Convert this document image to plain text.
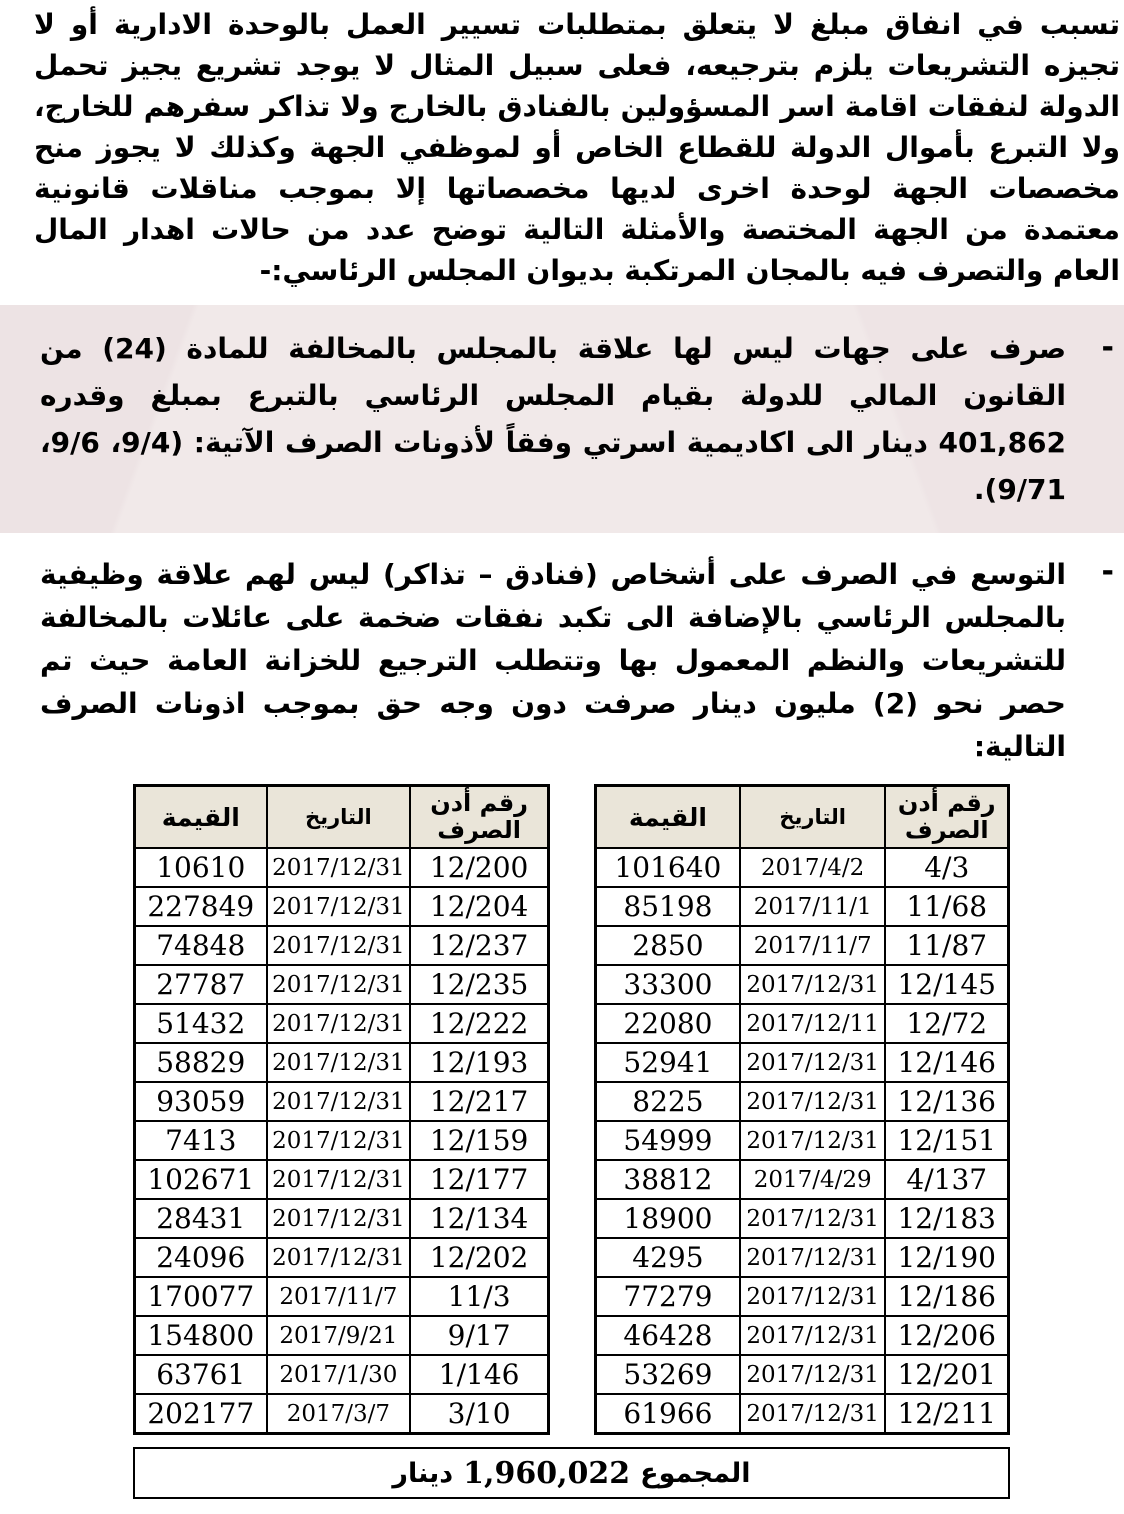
تسبب في انفاق مبلغ لا يتعلق بمتطلبات تسيير العمل بالوحدة الادارية أو لا تجيزه التشريعات يلزم بترجيعه، فعلى سبيل المثال لا يوجد تشريع يجيز تحمل الدولة لنفقات اقامة اسر المسؤولين بالفنادق بالخارج ولا تذاكر سفرهم للخارج، ولا التبرع بأموال الدولة للقطاع الخاص أو لموظفي الجهة وكذلك لا يجوز منح مخصصات الجهة لوحدة اخرى لديها مخصصاتها إلا بموجب مناقلات قانونية معتمدة من الجهة المختصة والأمثلة التالية توضح عدد من حالات اهدار المال العام والتصرف فيه بالمجان المرتكبة بديوان المجلس الرئاسي:-

-

صرف على جهات ليس لها علاقة بالمجلس بالمخالفة للمادة (24) من القانون المالي للدولة بقيام المجلس الرئاسي بالتبرع بمبلغ وقدره 401,862 دينار الى اكاديمية اسرتي وفقاً لأذونات الصرف الآتية: (9/4، 9/6، 9/71).

-

التوسع في الصرف على أشخاص (فنادق – تذاكر) ليس لهم علاقة وظيفية بالمجلس الرئاسي بالإضافة الى تكبد نفقات ضخمة على عائلات بالمخالفة للتشريعات والنظم المعمول بها وتتطلب الترجيع للخزانة العامة حيث تم حصر نحو (2) مليون دينار صرفت دون وجه حق بموجب اذونات الصرف التالية:

رقم أدن الصرف	التاريخ	القيمة
4/3	2017/4/2	101640
11/68	2017/11/1	85198
11/87	2017/11/7	2850
12/145	2017/12/31	33300
12/72	2017/12/11	22080
12/146	2017/12/31	52941
12/136	2017/12/31	8225
12/151	2017/12/31	54999
4/137	2017/4/29	38812
12/183	2017/12/31	18900
12/190	2017/12/31	4295
12/186	2017/12/31	77279
12/206	2017/12/31	46428
12/201	2017/12/31	53269
12/211	2017/12/31	61966
رقم أدن الصرف	التاريخ	القيمة
12/200	2017/12/31	10610
12/204	2017/12/31	227849
12/237	2017/12/31	74848
12/235	2017/12/31	27787
12/222	2017/12/31	51432
12/193	2017/12/31	58829
12/217	2017/12/31	93059
12/159	2017/12/31	7413
12/177	2017/12/31	102671
12/134	2017/12/31	28431
12/202	2017/12/31	24096
11/3	2017/11/7	170077
9/17	2017/9/21	154800
1/146	2017/1/30	63761
3/10	2017/3/7	202177
المجموع
1,960,022
دينار
